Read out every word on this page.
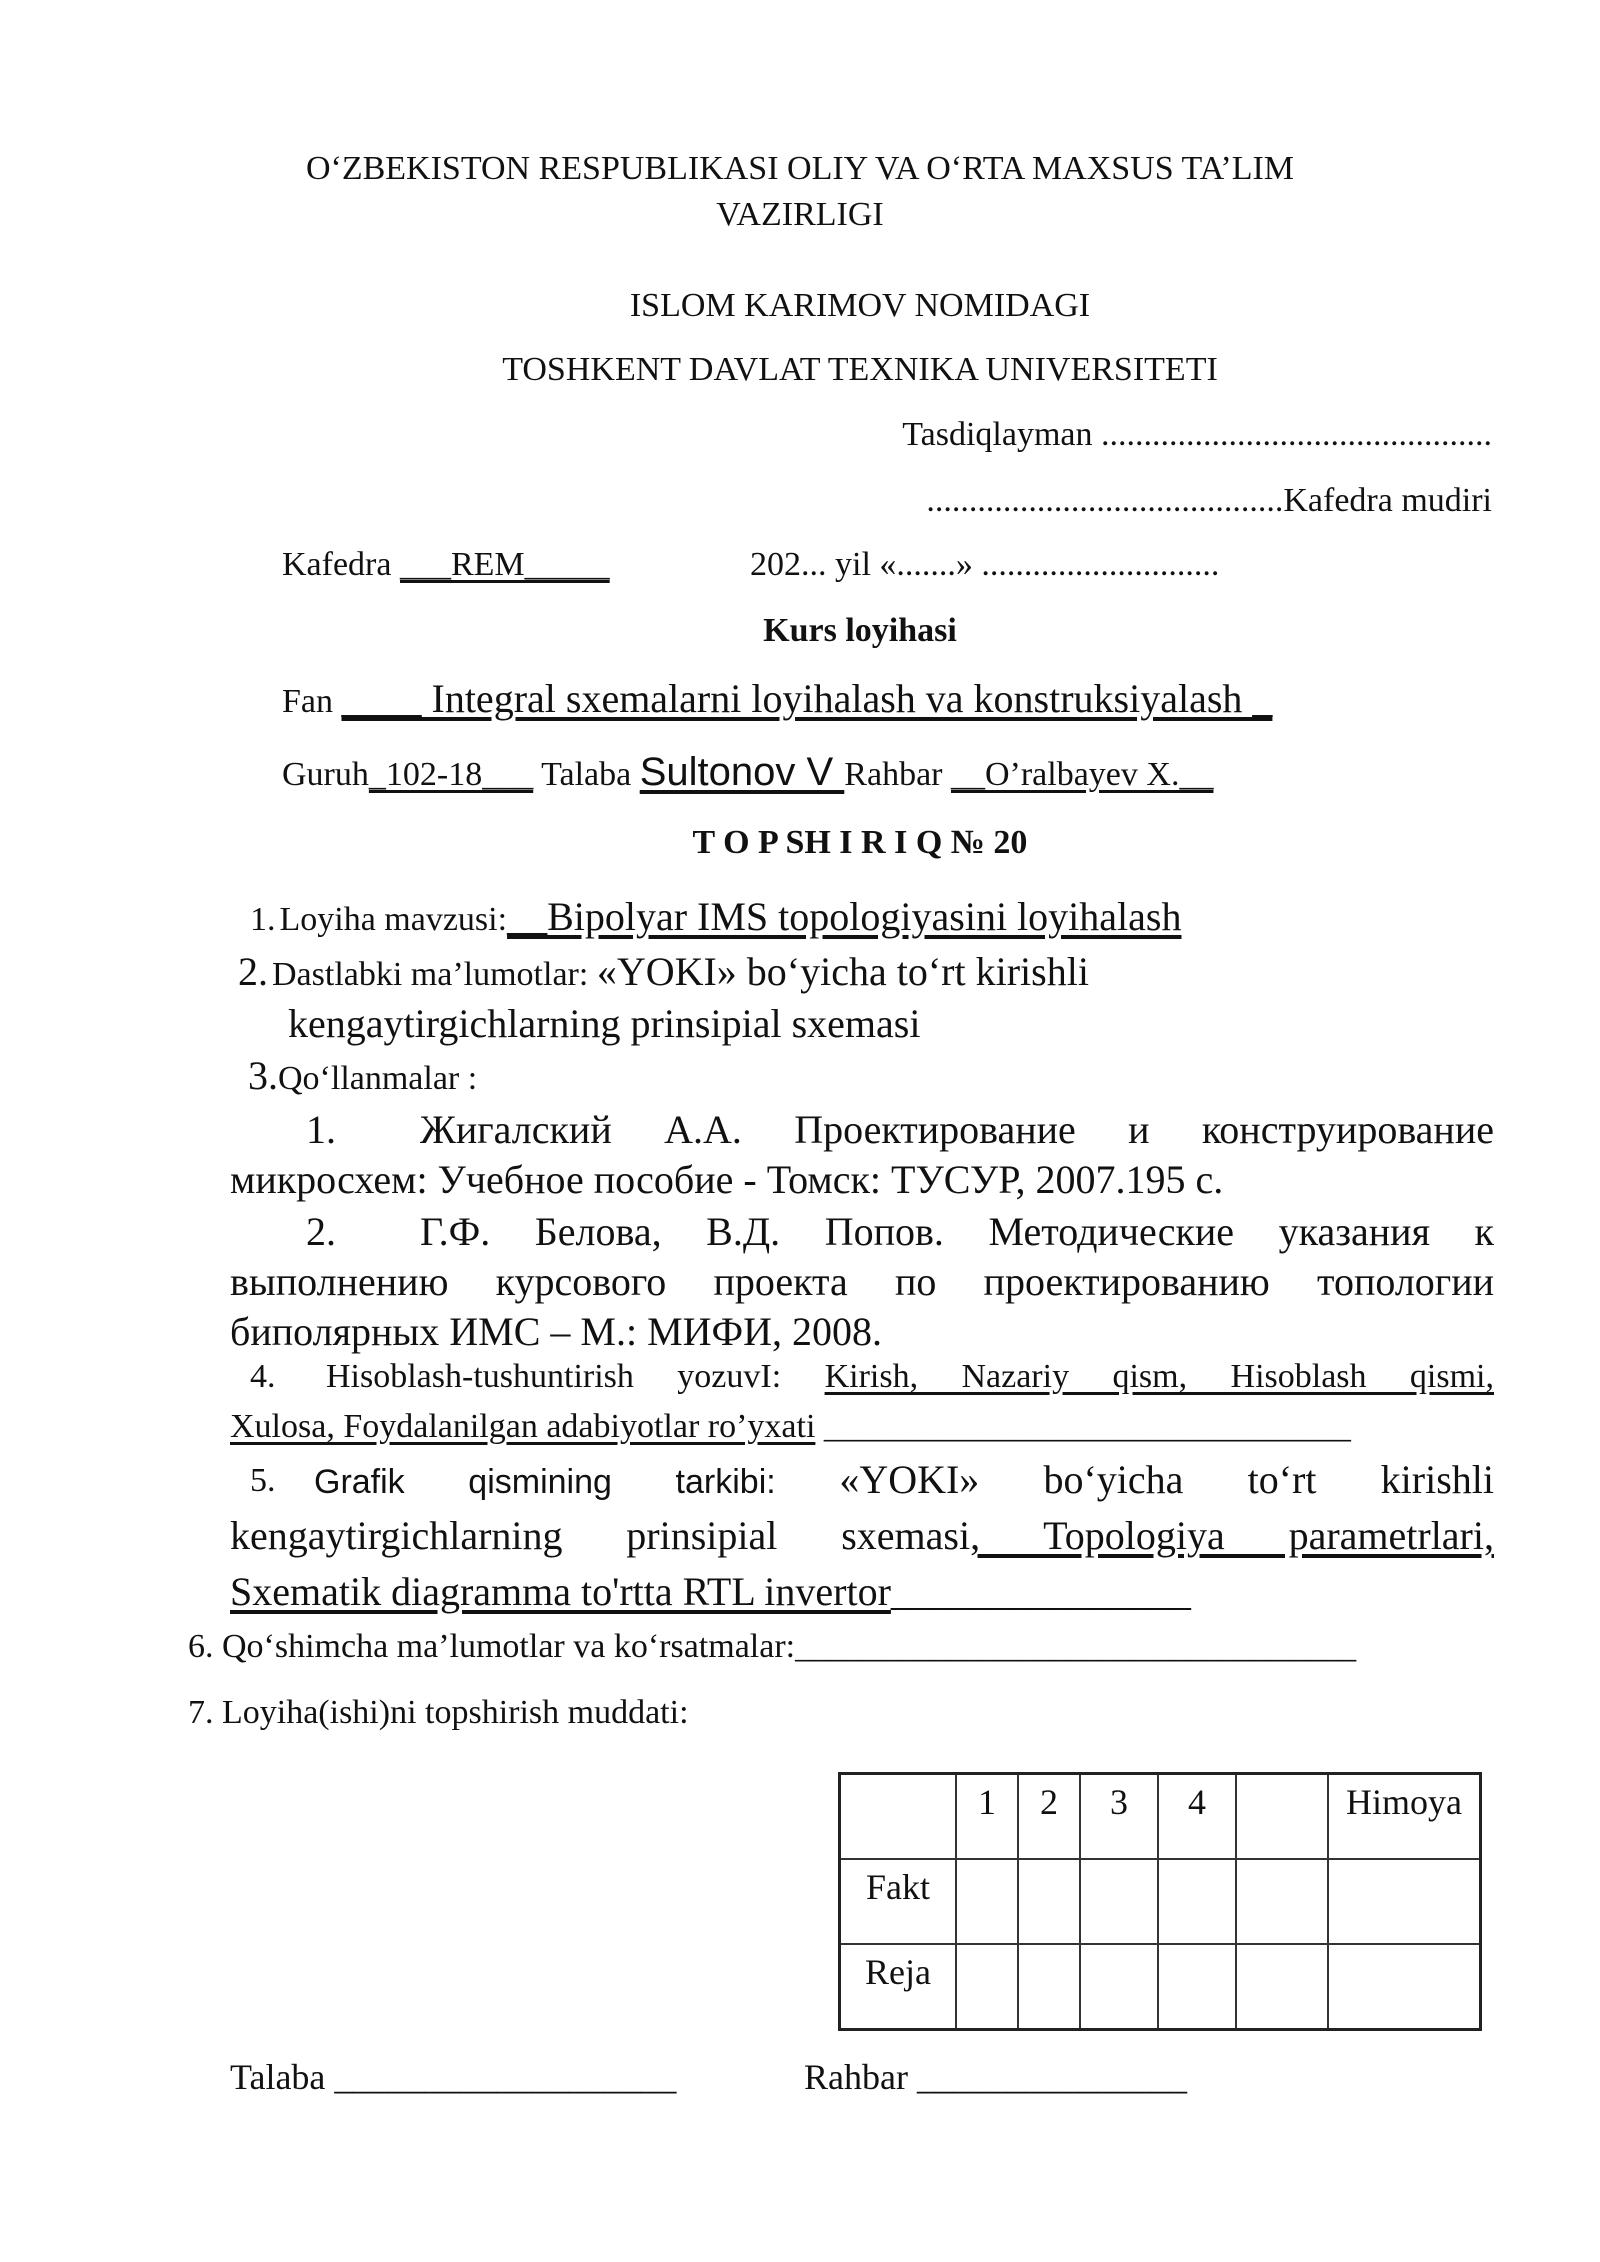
O‘ZBEKISTON RESPUBLIKASI OLIY VA O‘RTA MAXSUS TA’LIM
VAZIRLIGI
ISLOM KARIMOV NOMIDAGI
TOSHKENT DAVLAT TEXNIKA UNIVERSITETI
Tasdiqlayman ..............................................
..........................................Kafedra mudiri
Kafedra ___REM_____	202... yil «.......» ............................
Kurs loyihasi
Fan ____ Integral sxemalarni loyihalash va konstruksiyalash _
Guruh_102-18___ Talaba Sultonov V Rahbar __O’ralbayev X.__
T O P SH I R I Q № 20
1. Loyiha mavzusi:__Bipolyar IMS topologiyasini loyihalash
2. Dastlabki ma’lumotlar: «YOKI» bo‘yicha to‘rt kirishli
kengaytirgichlarning prinsipial sxemasi
3.Qo‘llanmalar :
1. Жигалский А.А. Проектирование и конструирование
микросхем: Учебное пособие - Томск: ТУСУР, 2007.195 с.
2. Г.Ф. Белова, В.Д. Попов. Методические указания к
выполнению курсового проекта по проектированию топологии
биполярных ИМС – М.: МИФИ, 2008.
4. Hisoblash-tushuntirish yozuvI: Kirish, Nazariy qism, Hisoblash qismi,
Xulosa, Foydalanilgan adabiyotlar ro’yxati _______________________________
5. Grafik qismining tarkibi: «YOKI» bo‘yicha to‘rt kirishli
kengaytirgichlarning prinsipial sxemasi, Topologiya parametrlari,
Sxematik diagramma to'rtta RTL invertor_______________
6. Qo‘shimcha ma’lumotlar va ko‘rsatmalar:_________________________________
7. Loyiha(ishi)ni topshirish muddati:
	1	2	3	4		Himoya
Fakt						
Reja						
Talaba ___________________	Rahbar _______________
